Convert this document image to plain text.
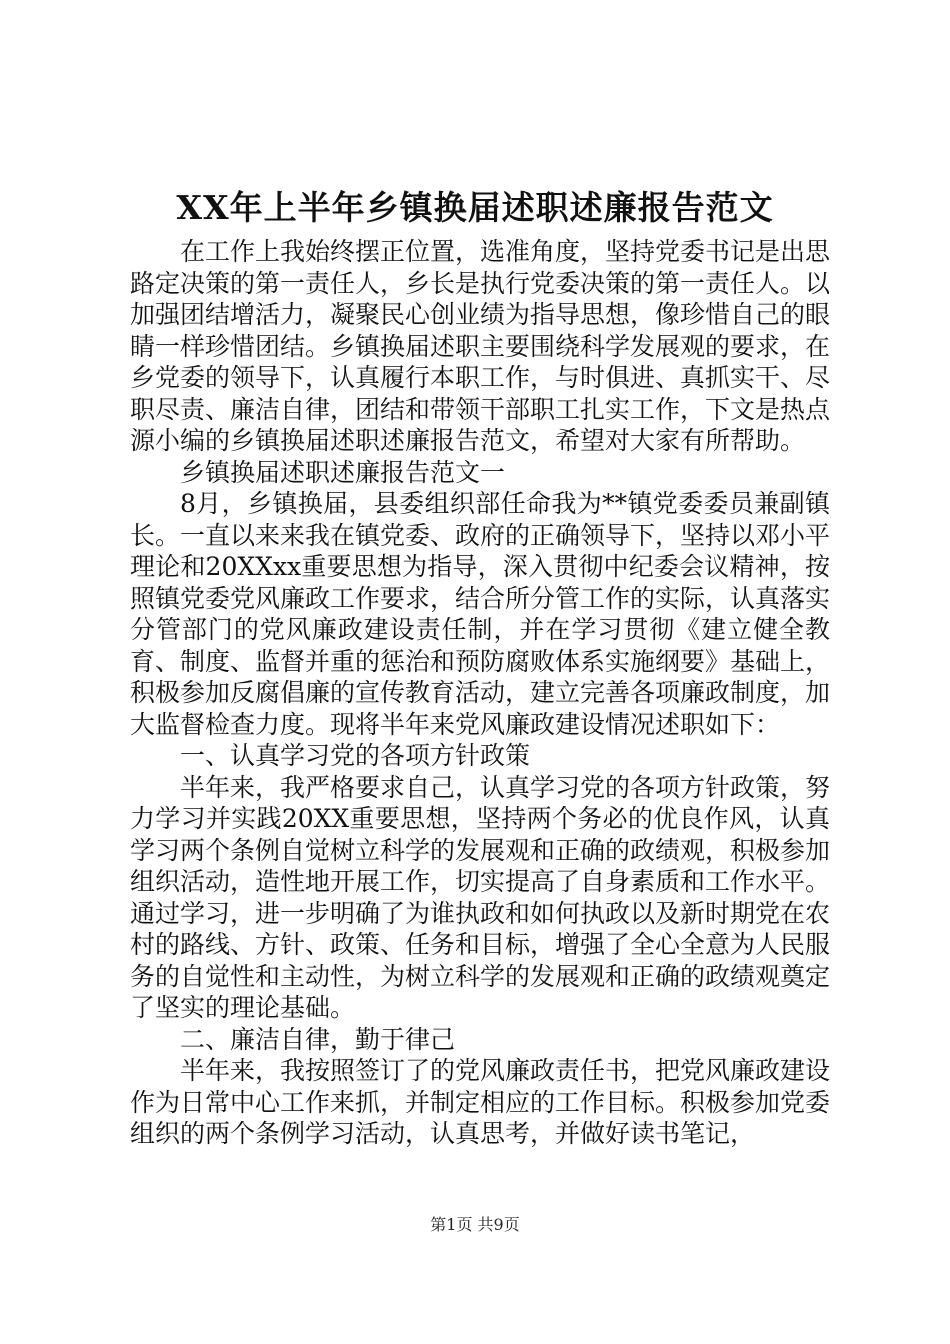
XX年上半年乡镇换届述职述廉报告范文

在工作上我始终摆正位置，选准角度，坚持党委书记是出思路定决策的第一责任人，乡长是执行党委决策的第一责任人。以加强团结增活力，凝聚民心创业绩为指导思想，像珍惜自己的眼睛一样珍惜团结。乡镇换届述职主要围绕科学发展观的要求，在乡党委的领导下，认真履行本职工作，与时俱进、真抓实干、尽职尽责、廉洁自律，团结和带领干部职工扎实工作，下文是热点源小编的乡镇换届述职述廉报告范文，希望对大家有所帮助。

乡镇换届述职述廉报告范文一

8月，乡镇换届，县委组织部任命我为**镇党委委员兼副镇长。一直以来来我在镇党委、政府的正确领导下，坚持以邓小平理论和20XXxx重要思想为指导，深入贯彻中纪委会议精神，按照镇党委党风廉政工作要求，结合所分管工作的实际，认真落实分管部门的党风廉政建设责任制，并在学习贯彻《建立健全教育、制度、监督并重的惩治和预防腐败体系实施纲要》基础上，积极参加反腐倡廉的宣传教育活动，建立完善各项廉政制度，加大监督检查力度。现将半年来党风廉政建设情况述职如下：

一、认真学习党的各项方针政策

半年来，我严格要求自己，认真学习党的各项方针政策，努力学习并实践20XX重要思想，坚持两个务必的优良作风，认真学习两个条例自觉树立科学的发展观和正确的政绩观，积极参加组织活动，造性地开展工作，切实提高了自身素质和工作水平。通过学习，进一步明确了为谁执政和如何执政以及新时期党在农村的路线、方针、政策、任务和目标，增强了全心全意为人民服务的自觉性和主动性，为树立科学的发展观和正确的政绩观奠定了坚实的理论基础。

二、廉洁自律，勤于律己

半年来，我按照签订了的党风廉政责任书，把党风廉政建设作为日常中心工作来抓，并制定相应的工作目标。积极参加党委组织的两个条例学习活动，认真思考，并做好读书笔记，

第1页 共9页
